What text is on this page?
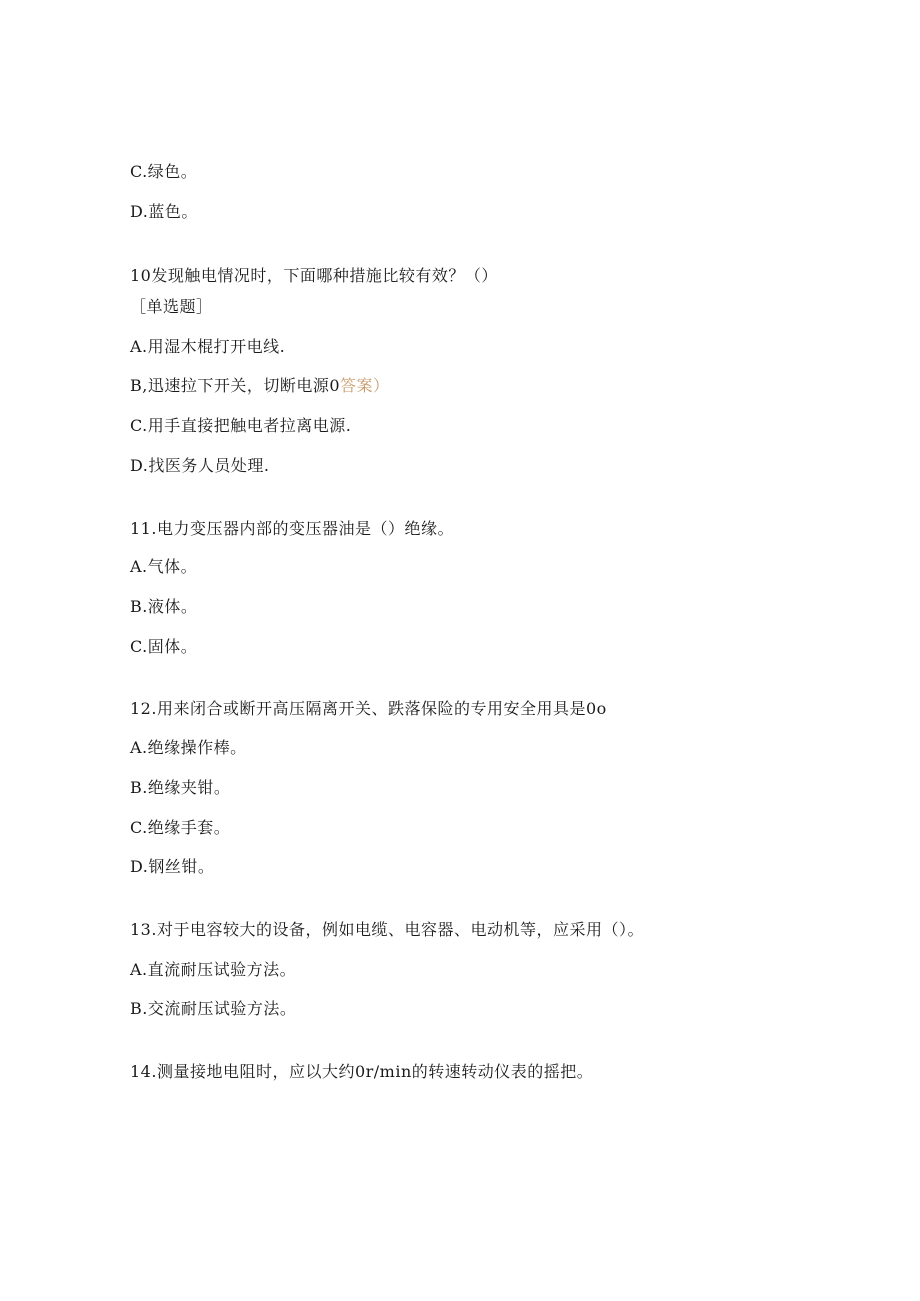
C.绿色。
D.蓝色。
10发现触电情况时，下面哪种措施比较有效？（）
［单选题］
A.用湿木棍打开电线.
B,迅速拉下开关，切断电源0答案）
C.用手直接把触电者拉离电源.
D.找医务人员处理.
11.电力变压器内部的变压器油是（）绝缘。
A.气体。
B.液体。
C.固体。
12.用来闭合或断开高压隔离开关、跌落保险的专用安全用具是0o
A.绝缘操作棒。
B.绝缘夹钳。
C.绝缘手套。
D.钢丝钳。
13.对于电容较大的设备，例如电缆、电容器、电动机等，应采用（）。
A.直流耐压试验方法。
B.交流耐压试验方法。
14.测量接地电阻时，应以大约0r/min的转速转动仪表的摇把。
